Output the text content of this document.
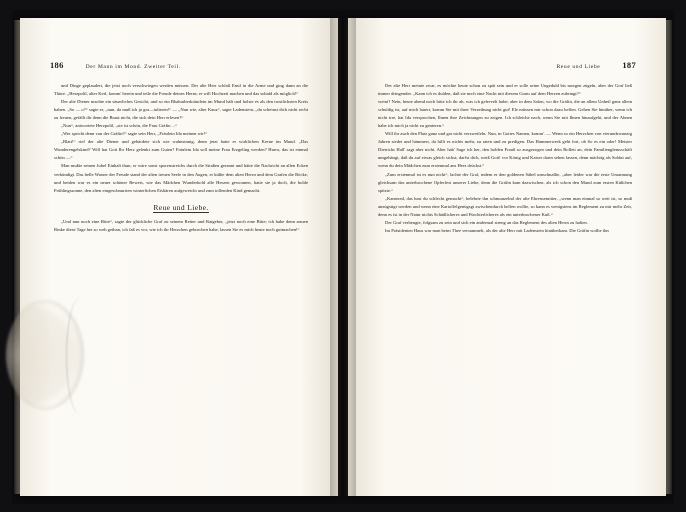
186	Der Mann im Mond. Zweiter Teil.

und Dinge geplaudert, die jetzt noch verschwiegen werden müssen. Der alte Herr schloß Emil in die Arme und ging dann an die Thüre. „Herzpoltl, alter Kerl, komm' herein und teile die Freude deines Herrn; er will Hochzeit machen und das sobald als möglich!“

Der alte Diener machte ein säuerliches Gesicht, und so ein Rhabarberkräutlein im Mund hält und holste es als den trostlichsten Kreis haben. „So — o?“ sagte er, „nun, da muß ich ja gra—tulieren!“ — „Nun wie, alter Kauz“, sagte Ladenstein, „du scheinst dich nicht recht zu freuen, gefällt dir denn die Braut nicht, die sich dein Herr erlesen?“

„Nun“, antwortete Herzpoltl, „sie ist schön, die Frau Gräfin ...“

„Wer spricht denn von der Gräfin?“ sagte sein Herr, „Fräulein Ida meinen wir!“

„Blatt!“ rief der alte Diener und gebärdete sich wie wahnsinnig, denn jetzt hatte er wirklichen Kerne im Mund. „Das Wunderengelskind? Will hat Gott Ihr Herz gelenkt zum Guten? Fräulein Ida soll meine Frau Erzgeling werden? Hurra, das ist einmal schön —“

Man mußte seinen Jubel Einhalt thun, er wäre sonst sporenstreichs durch die Straßen gerannt und hätte die Nachricht an allen Ecken verkündigt. Das helle Wasser der Freude stand der alten treuen Seele in den Augen, er küßte dem alten Herrn und dem Grafen die Röcke, und beiden war es ein neuer schöner Beweis, wie das Mädchen Wunderhold alle Herzen gewonnen, hatte sie ja doch, die holde Frühlingssonne, den alten eingeschnurrten winterlichen Eisbären aufgeweicht und zum tollenden Kind gemacht.

Reue und Liebe.

„Und nun noch eine Bitte“, sagte der glückliche Graf zu seinem Retter und Ratgeber, „jetzt noch eine Bitte; ich habe denn armen Rinke diese Tage her so weh gethan, ich faß es vor, wie ich ihr Herzchen gebrochen habe, lassen Sie es mich heute noch gutmachen!“

Reue und Liebe	187

Der alte Herr meinte zwar, es möchte heute schon zu spät sein und er solle seine Ungeduld bis morgen zügeln, aber der Graf ließ immer dringender. „Kann ich es dulden, daß sie noch eine Nacht mit diesem Gram auf dem Herzen zubringt?“

weint? Nein, heute abend noch bitte ich ihr ab, was ich gefrevelt habe; aber in dem Salon, wo die Gräfin, die an allem Unheil ganz allein schuldig ist, auf mich lauert, komm Sie mit ihrer Verzeihung nicht gut! Ele müssen mir schon dazu helfen. Gehen Sie hinüber, wenn ich nicht irre, hat Ida versprochen, Ihnen ihre Zeichnungen zu zeigen. Ich schleiche nach, wenn Sie mit Ihnen hinaufgeht, und der Ahnen habe ich mich ja nicht zu genieren.“

Will ihr auch den Platz ganz und gar nicht verzweifeln. Nun, in Gottes Namen, komm'. — Wenn so ein Herzchen von vierundzwanzig Jahren siedet und hämmert, da hilft es nichts mehr, zu raten und zu predigen. Das Hammerwerk geht fort, ob So es ein oder! Meister Dietrichs Hall' sagt aber nicht. Aber hab' Sage ich her, den holden Frauß so ausgezogen und dein Rollett an, dein Familienglemsschäft umgehängt, daß du auf etwas gleich sichst; darfst dich, weiß Gott! vor König und Kaiser darin sehen lassen, denn mächtig als Soldat auf, wenn du dein Mädchen zum erstenmal ans Herz drückst.“

„Zum erstenmal ist es nun nicht“, lachte der Graf, indem er den goldenen Säbel umschnallte, „aber leider war die erste Umarmung gleichsam das unterbrochene Opferfest unserer Liebe, denn die Gräfin kam dazwischen, als ich schon den Mund zum ersten Küßchen spitzte.“

„Kamerad, das hast du schlecht gemacht“, belehrte ihn schmunzelnd der alte Ehrensemitter, „wenn man einmal so weit ist, so muß anzügstigt werden und wenn eine Kartoffelgenügsgt zwischendurch helfen wollte, so kann es wenigstens im Reglement zu mir mehr Zeit, denn es ist in der Natur nichts Schädlicheres und Fürchterlicheres als ein unterbrochener Kuß.“

Der Graf verbeugte, folgsam zu sein und sich ein andermal streng an das Reglement des alten Herrn zu halten.

Im Präsidenten Haus war man beim Thee versammelt, als der alte Herr mit Ladenstein hinüberkam. Die Gräfin wollte ihn
